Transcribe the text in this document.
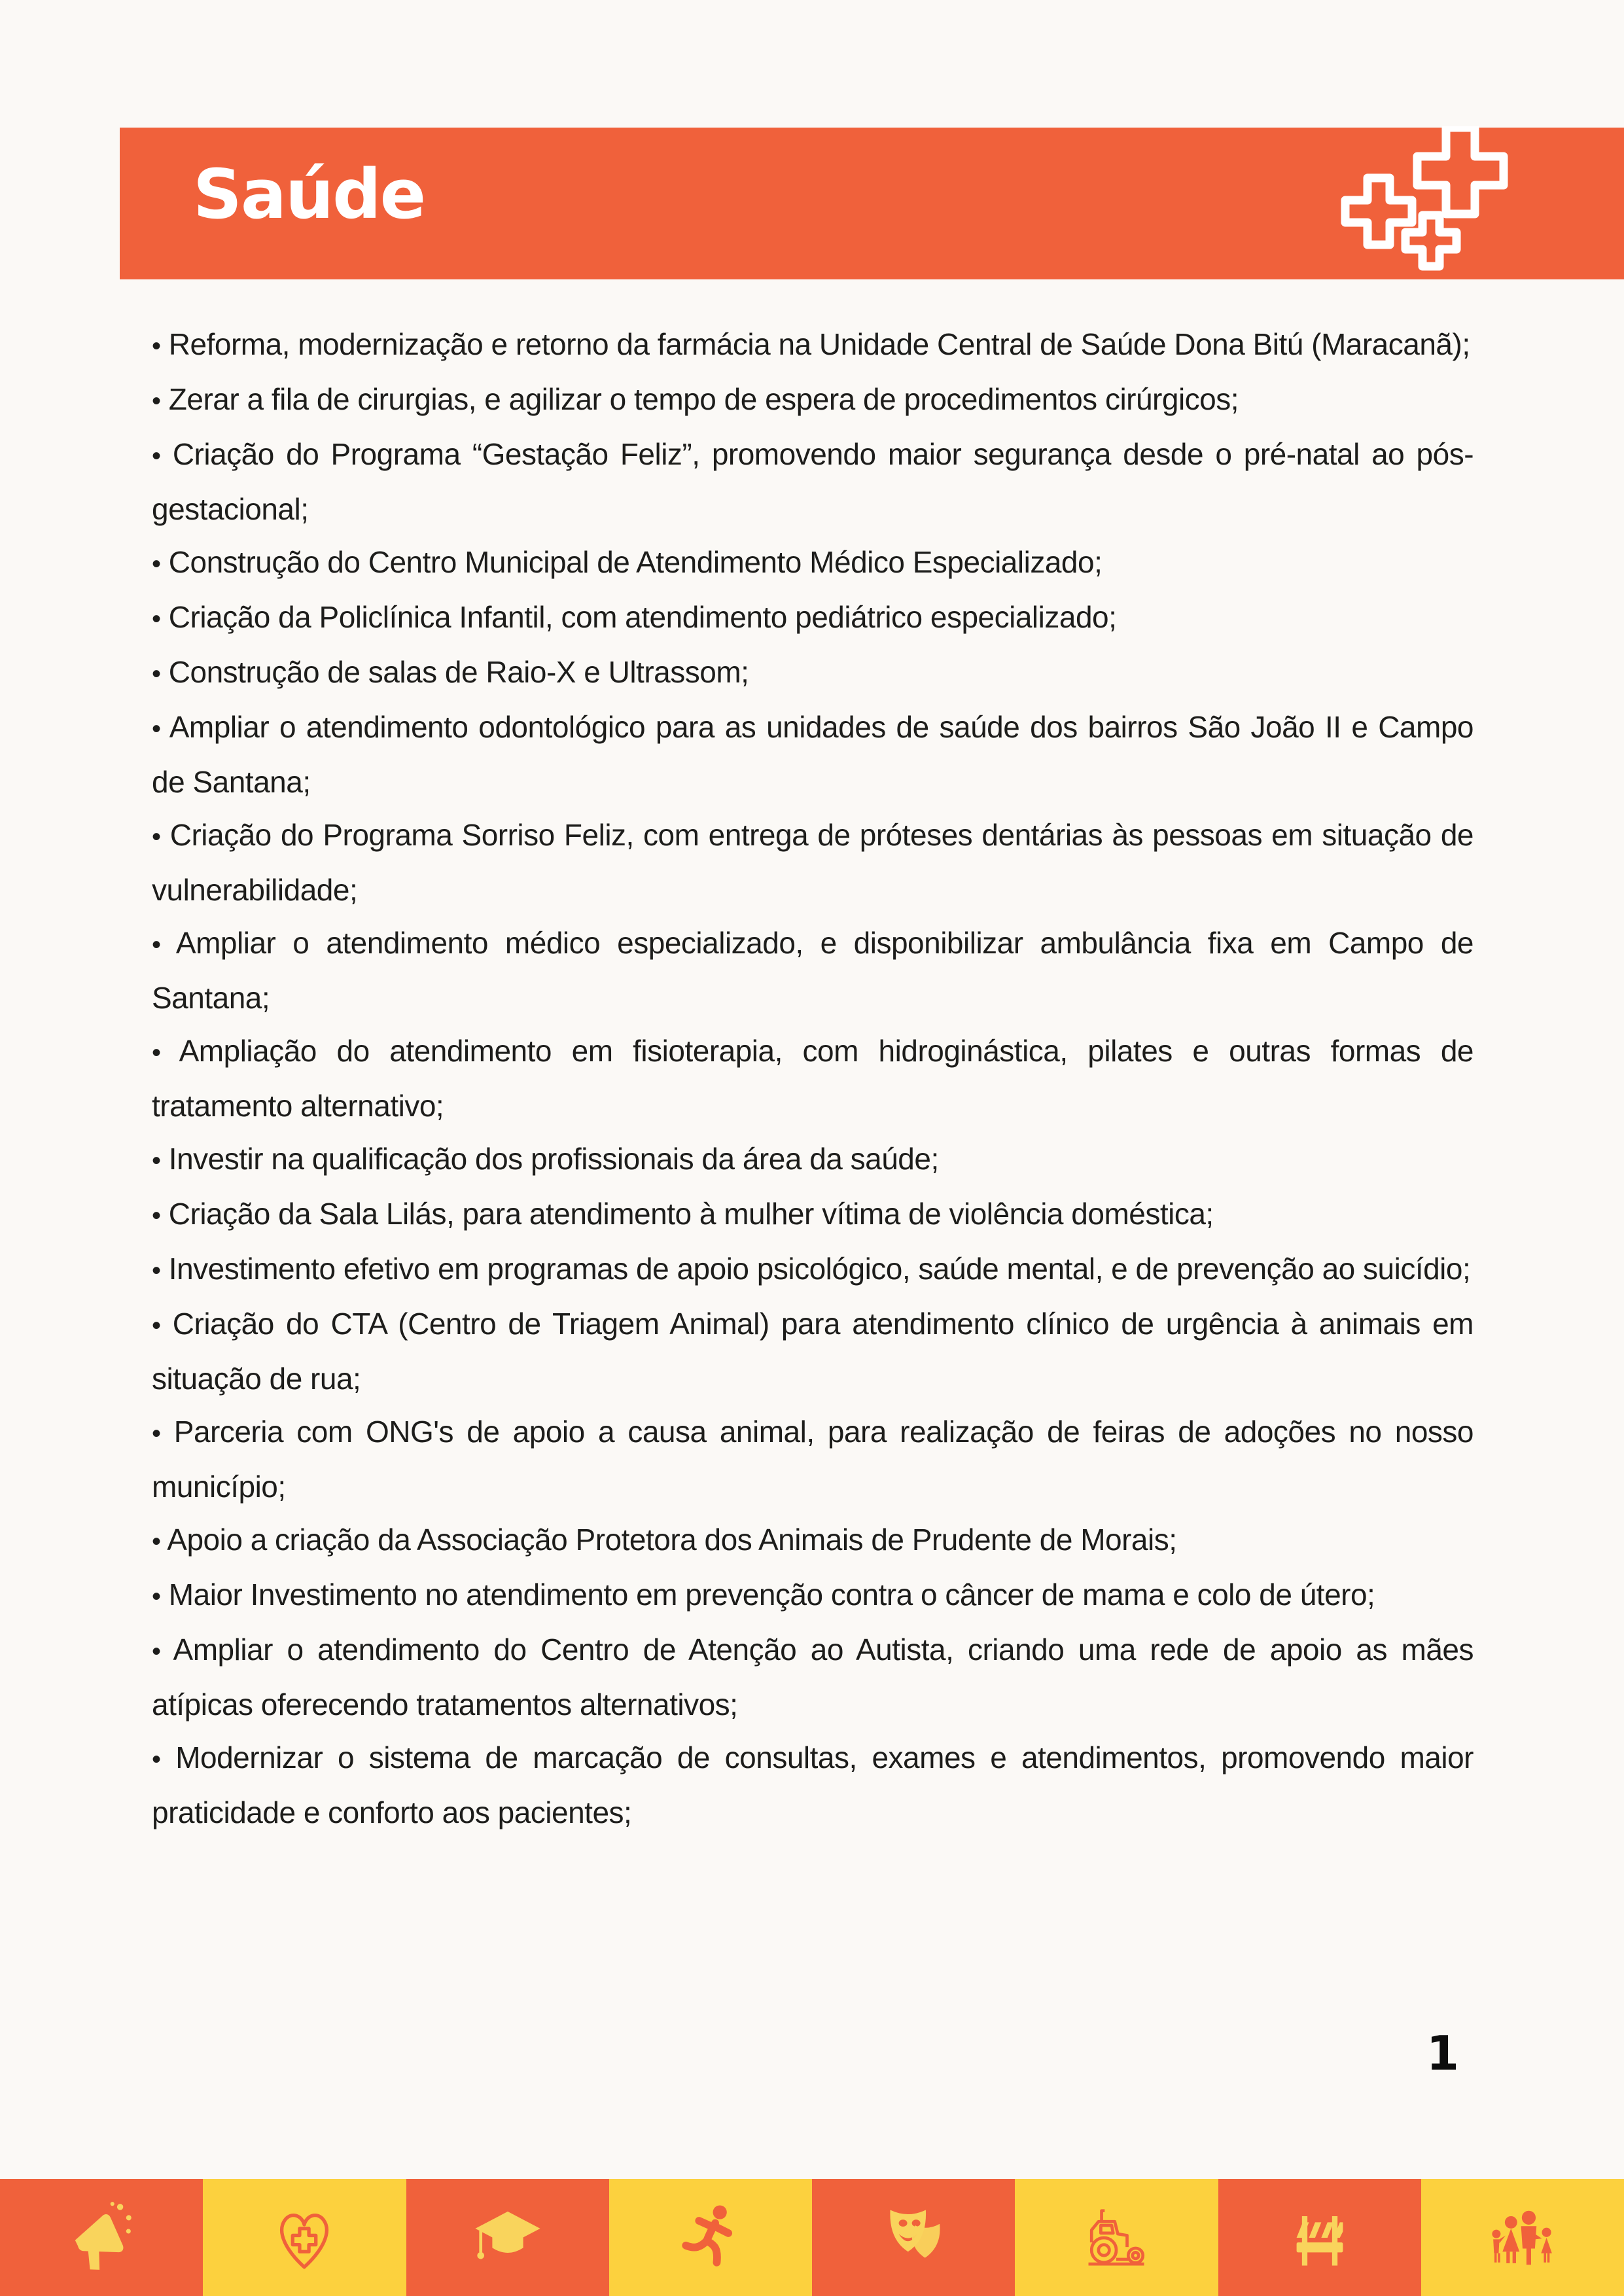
Saúde

• Reforma, modernização e retorno da farmácia na Unidade Central de Saúde Dona Bitú (Maracanã);

• Zerar a fila de cirurgias, e agilizar o tempo de espera de procedimentos cirúrgicos;

• Criação do Programa “Gestação Feliz”, promovendo maior segurança desde o pré-natal ao pós-gestacional;

• Construção do Centro Municipal de Atendimento Médico Especializado;

• Criação da Policlínica Infantil, com atendimento pediátrico especializado;

• Construção de salas de Raio-X e Ultrassom;

• Ampliar o atendimento odontológico para as unidades de saúde dos bairros São João II e Campo de Santana;

• Criação do Programa Sorriso Feliz, com entrega de próteses dentárias às pessoas em situação de vulnerabilidade;

• Ampliar o atendimento médico especializado, e disponibilizar ambulância fixa em Campo de Santana;

• Ampliação do atendimento em fisioterapia, com hidroginástica, pilates e outras formas de tratamento alternativo;

• Investir na qualificação dos profissionais da área da saúde;

• Criação da Sala Lilás, para atendimento à mulher vítima de violência doméstica;

• Investimento efetivo em programas de apoio psicológico, saúde mental, e de prevenção ao suicídio;

• Criação do CTA (Centro de Triagem Animal) para atendimento clínico de urgência à animais em situação de rua;

• Parceria com ONG's de apoio a causa animal, para realização de feiras de adoções no nosso município;

• Apoio a criação da Associação Protetora dos Animais de Prudente de Morais;

• Maior Investimento no atendimento em prevenção contra o câncer de mama e colo de útero;

• Ampliar o atendimento do Centro de Atenção ao Autista, criando uma rede de apoio as mães atípicas oferecendo tratamentos alternativos;

• Modernizar o sistema de marcação de consultas, exames e atendimentos, promovendo maior praticidade e conforto aos pacientes;

1
